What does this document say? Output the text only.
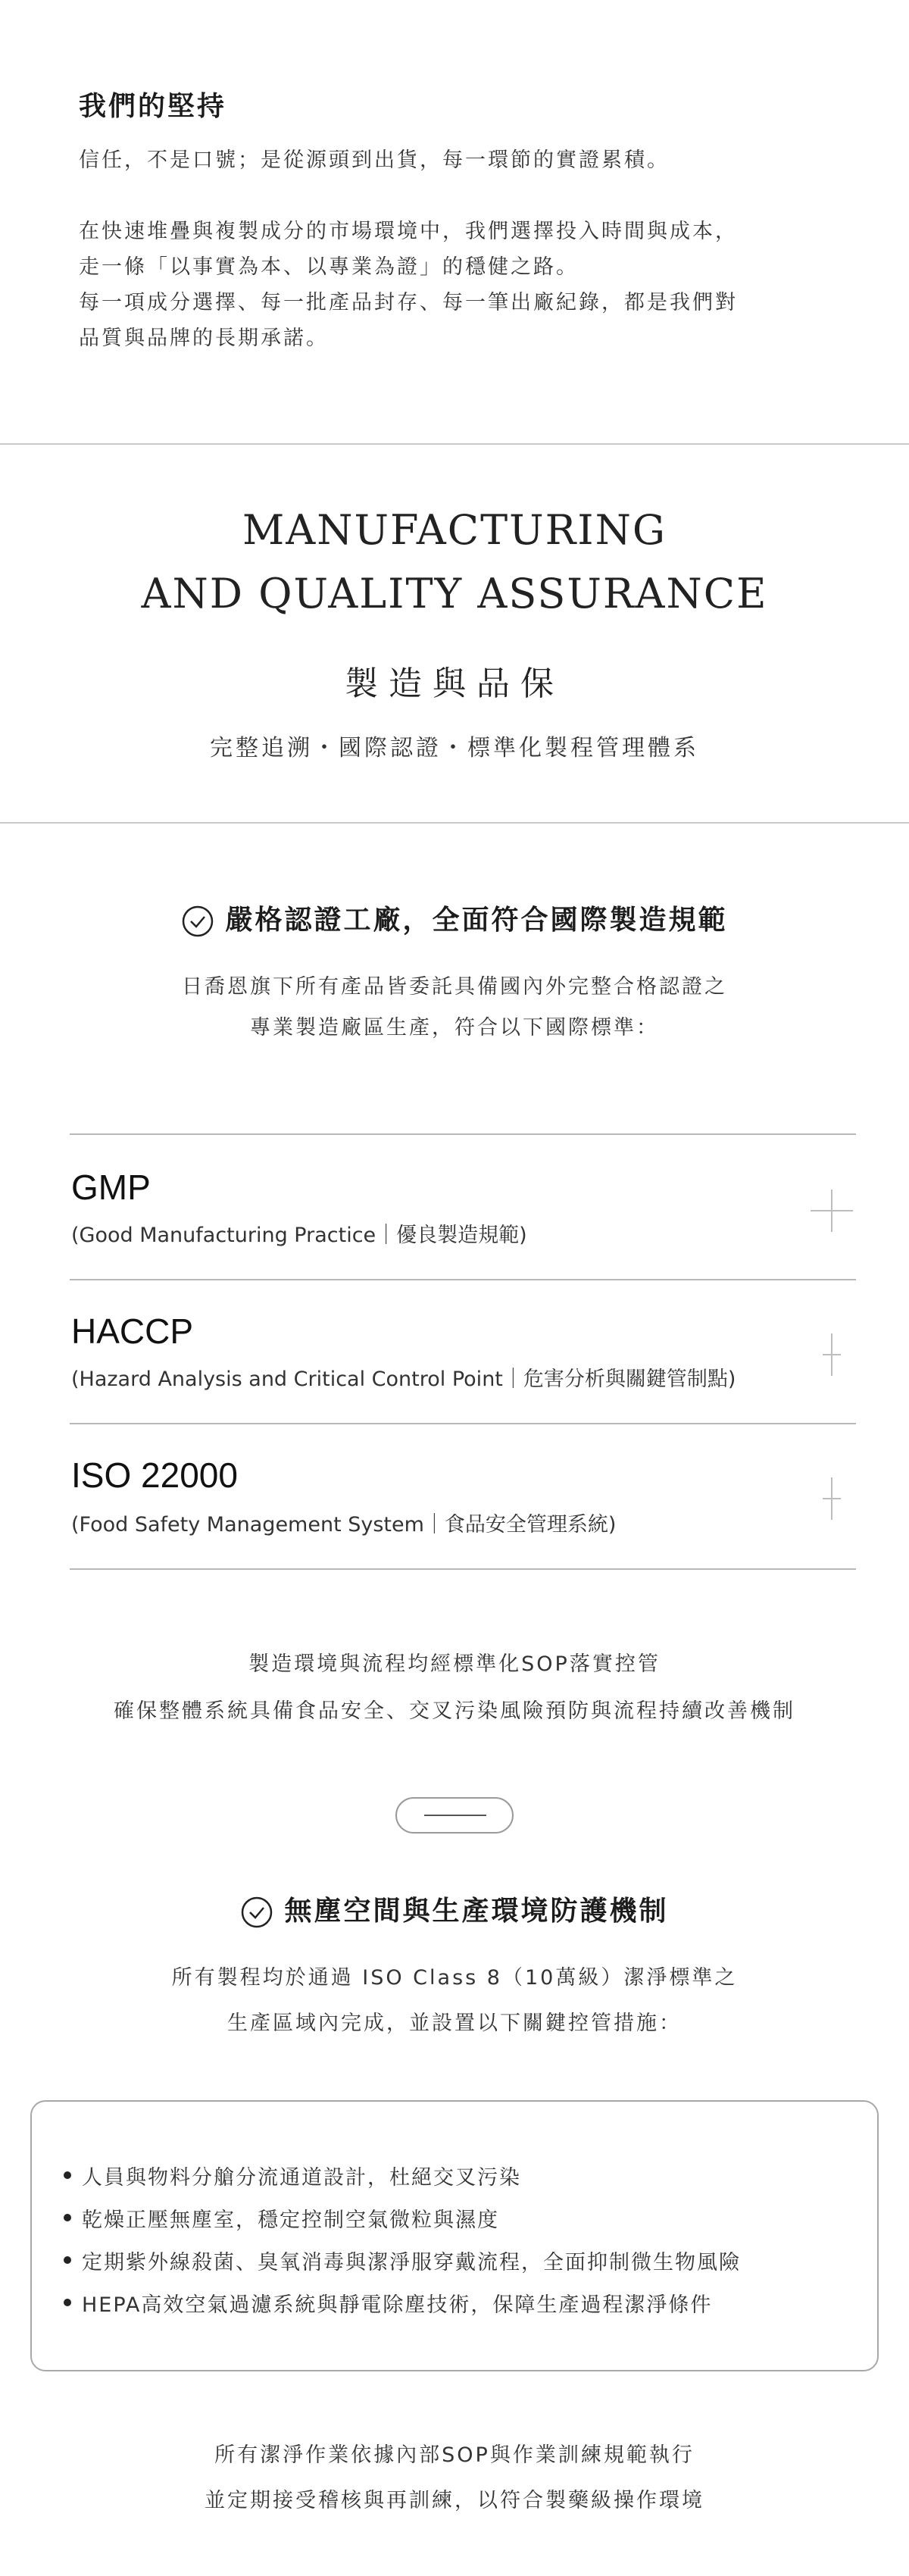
我們的堅持
信任，不是口號；是從源頭到出貨，每一環節的實證累積。
在快速堆疊與複製成分的市場環境中，我們選擇投入時間與成本，
走一條「以事實為本、以專業為證」的穩健之路。
每一項成分選擇、每一批產品封存、每一筆出廠紀錄，都是我們對
品質與品牌的長期承諾。
MANUFACTURING
AND QUALITY ASSURANCE
製造與品保
完整追溯・國際認證・標準化製程管理體系
嚴格認證工廠，全面符合國際製造規範
日喬恩旗下所有產品皆委託具備國內外完整合格認證之
專業製造廠區生產，符合以下國際標準：
GMP
(Good Manufacturing Practice｜優良製造規範)
HACCP
(Hazard Analysis and Critical Control Point｜危害分析與關鍵管制點)
ISO 22000
(Food Safety Management System｜食品安全管理系統)
製造環境與流程均經標準化SOP落實控管
確保整體系統具備食品安全、交叉污染風險預防與流程持續改善機制
無塵空間與生產環境防護機制
所有製程均於通過 ISO Class 8（10萬級）潔淨標準之
生產區域內完成，並設置以下關鍵控管措施：
人員與物料分艙分流通道設計，杜絕交叉污染
乾燥正壓無塵室，穩定控制空氣微粒與濕度
定期紫外線殺菌、臭氧消毒與潔淨服穿戴流程，全面抑制微生物風險
HEPA高效空氣過濾系統與靜電除塵技術，保障生產過程潔淨條件
所有潔淨作業依據內部SOP與作業訓練規範執行
並定期接受稽核與再訓練，以符合製藥級操作環境
